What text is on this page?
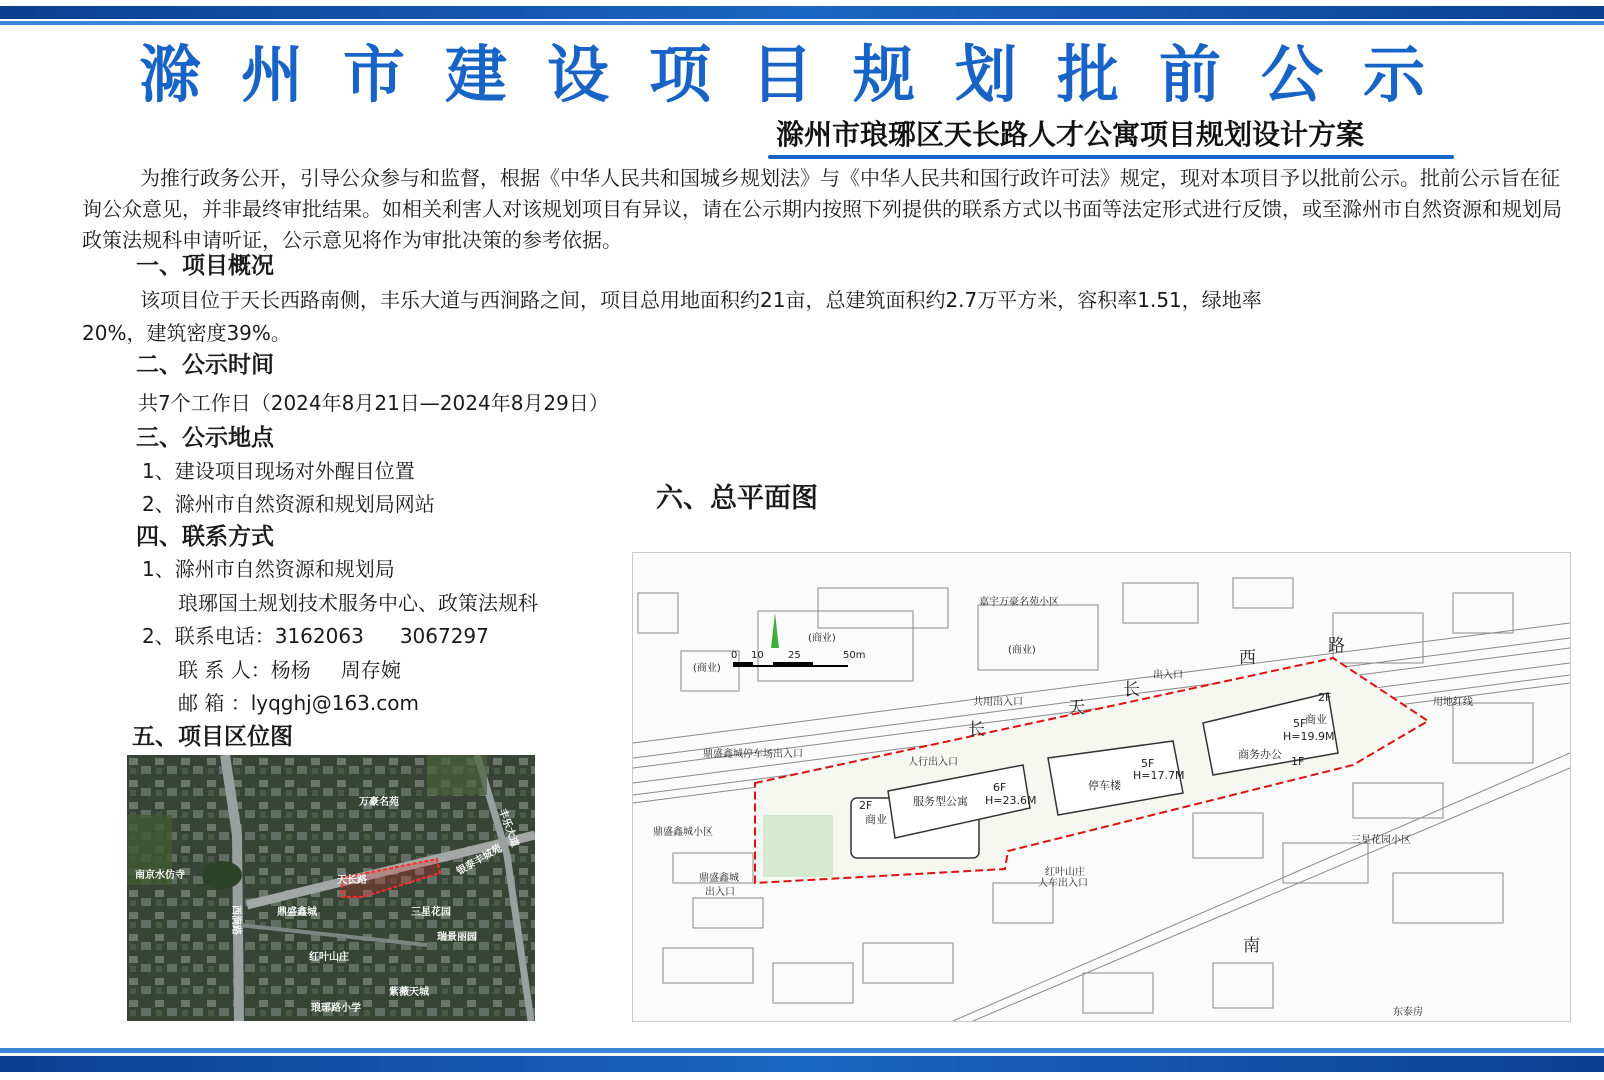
滁州市建设项目规划批前公示
滁州市琅琊区天长路人才公寓项目规划设计方案
为推行政务公开，引导公众参与和监督，根据《中华人民共和国城乡规划法》与《中华人民共和国行政许可法》规定，现对本项目予以批前公示。批前公示旨在征询公众意见，并非最终审批结果。如相关利害人对该规划项目有异议，请在公示期内按照下列提供的联系方式以书面等法定形式进行反馈，或至滁州市自然资源和规划局政策法规科申请听证，公示意见将作为审批决策的参考依据。
一、项目概况
该项目位于天长西路南侧，丰乐大道与西涧路之间，项目总用地面积约21亩，总建筑面积约2.7万平方米，容积率1.51，绿地率
20%，建筑密度39%。
二、公示时间
共7个工作日（2024年8月21日—2024年8月29日）
三、公示地点
1、建设项目现场对外醒目位置
2、滁州市自然资源和规划局网站
四、联系方式
1、滁州市自然资源和规划局
琅琊国土规划技术服务中心、政策法规科
2、联系电话：3162063 3067297
联 系 人：杨杨 周存婉
邮 箱 ：lyqghj@163.com
五、项目区位图
万豪名苑
丰乐大道
天长路
南京水仿寺	银泰丰城苑
鼎盛鑫城
西涧路	三星花园
红叶山庄
瑞景丽园
琅琊路小学
紫薇天城
六、总平面图
0 10 25	50m
嘉宇万豪名苑小区
鼎盛鑫城小区
三星花园小区
红叶山庄
人车出入口
鼎盛鑫城
出入口
鼎盛鑫城停车场出入口
人行出入口
共用出入口
出入口
用地红线
东泰房
(商业)
(商业)
(商业)	西
路
天
长
长
南
服务型公寓
6F
H=23.6M
商业
2F
停车楼
5F
H=17.7M
商务办公
5F
H=19.9M
商业
2F
1F
